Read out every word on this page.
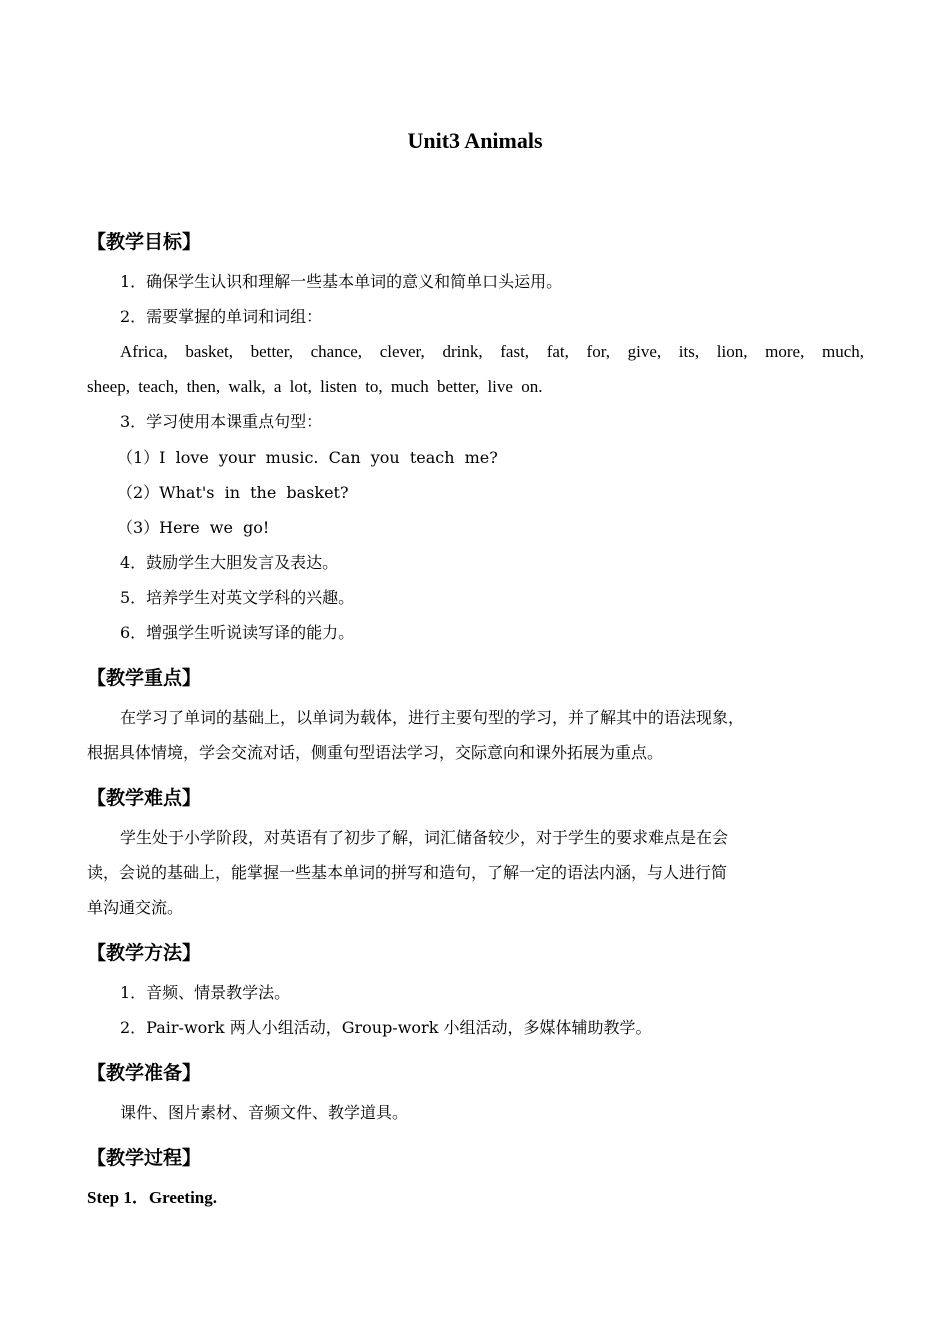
Unit3 Animals
【教学目标】
1．确保学生认识和理解一些基本单词的意义和简单口头运用。
2．需要掌握的单词和词组：
Africa, basket, better, chance, clever, drink, fast, fat, for, give, its, lion, more, much,
sheep, teach, then, walk, a lot, listen to, much better, live on.
3．学习使用本课重点句型：
（1）I love your music. Can you teach me?
（2）What's in the basket?
（3）Here we go!
4．鼓励学生大胆发言及表达。
5．培养学生对英文学科的兴趣。
6．增强学生听说读写译的能力。
【教学重点】
在学习了单词的基础上，以单词为载体，进行主要句型的学习，并了解其中的语法现象，
根据具体情境，学会交流对话，侧重句型语法学习，交际意向和课外拓展为重点。
【教学难点】
学生处于小学阶段，对英语有了初步了解，词汇储备较少，对于学生的要求难点是在会
读，会说的基础上，能掌握一些基本单词的拼写和造句，了解一定的语法内涵，与人进行简
单沟通交流。
【教学方法】
1．音频、情景教学法。
2．Pair-work 两人小组活动，Group-work 小组活动，多媒体辅助教学。
【教学准备】
课件、图片素材、音频文件、教学道具。
【教学过程】
Step 1．Greeting.
